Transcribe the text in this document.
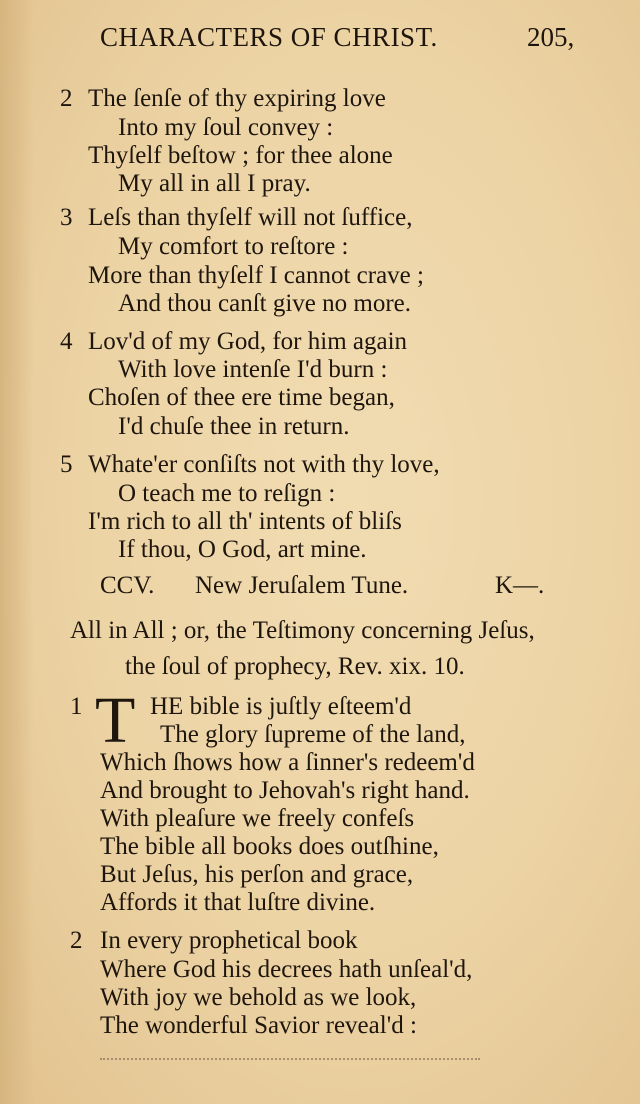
CHARACTERS OF CHRIST.	205,
2 The ſenſe of thy expiring love
Into my ſoul convey :
Thyſelf beſtow ; for thee alone
My all in all I pray.
3 Leſs than thyſelf will not ſuffice,
My comfort to reſtore :
More than thyſelf I cannot crave ;
And thou canſt give no more.
4 Lov'd of my God, for him again
With love intenſe I'd burn :
Choſen of thee ere time began,
I'd chuſe thee in return.
5 Whate'er conſiſts not with thy love,
O teach me to reſign :
I'm rich to all th' intents of bliſs
If thou, O God, art mine.
CCV. New Jeruſalem Tune.	K—.
All in All ; or, the Teſtimony concerning Jeſus,
the ſoul of prophecy, Rev. xix. 10.
1 T HE bible is juſtly eſteem'd
The glory ſupreme of the land,
Which ſhows how a ſinner's redeem'd
And brought to Jehovah's right hand.
With pleaſure we freely confeſs
The bible all books does outſhine,
But Jeſus, his perſon and grace,
Affords it that luſtre divine.
2 In every prophetical book
Where God his decrees hath unſeal'd,
With joy we behold as we look,
The wonderful Savior reveal'd :
